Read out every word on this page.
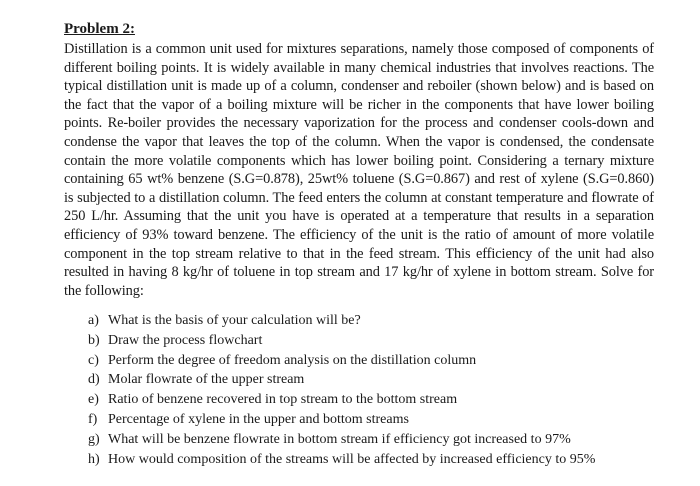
Problem 2:

Distillation is a common unit used for mixtures separations, namely those composed of components of different boiling points. It is widely available in many chemical industries that involves reactions. The typical distillation unit is made up of a column, condenser and reboiler (shown below) and is based on the fact that the vapor of a boiling mixture will be richer in the components that have lower boiling points. Re-boiler provides the necessary vaporization for the process and condenser cools-down and condense the vapor that leaves the top of the column. When the vapor is condensed, the condensate contain the more volatile components which has lower boiling point. Considering a ternary mixture containing 65 wt% benzene (S.G=0.878), 25wt% toluene (S.G=0.867) and rest of xylene (S.G=0.860) is subjected to a distillation column. The feed enters the column at constant temperature and flowrate of 250 L/hr. Assuming that the unit you have is operated at a temperature that results in a separation efficiency of 93% toward benzene. The efficiency of the unit is the ratio of amount of more volatile component in the top stream relative to that in the feed stream. This efficiency of the unit had also resulted in having 8 kg/hr of toluene in top stream and 17 kg/hr of xylene in bottom stream. Solve for the following:

a) What is the basis of your calculation will be?
b) Draw the process flowchart
c) Perform the degree of freedom analysis on the distillation column
d) Molar flowrate of the upper stream
e) Ratio of benzene recovered in top stream to the bottom stream
f) Percentage of xylene in the upper and bottom streams
g) What will be benzene flowrate in bottom stream if efficiency got increased to 97%
h) How would composition of the streams will be affected by increased efficiency to 95%
